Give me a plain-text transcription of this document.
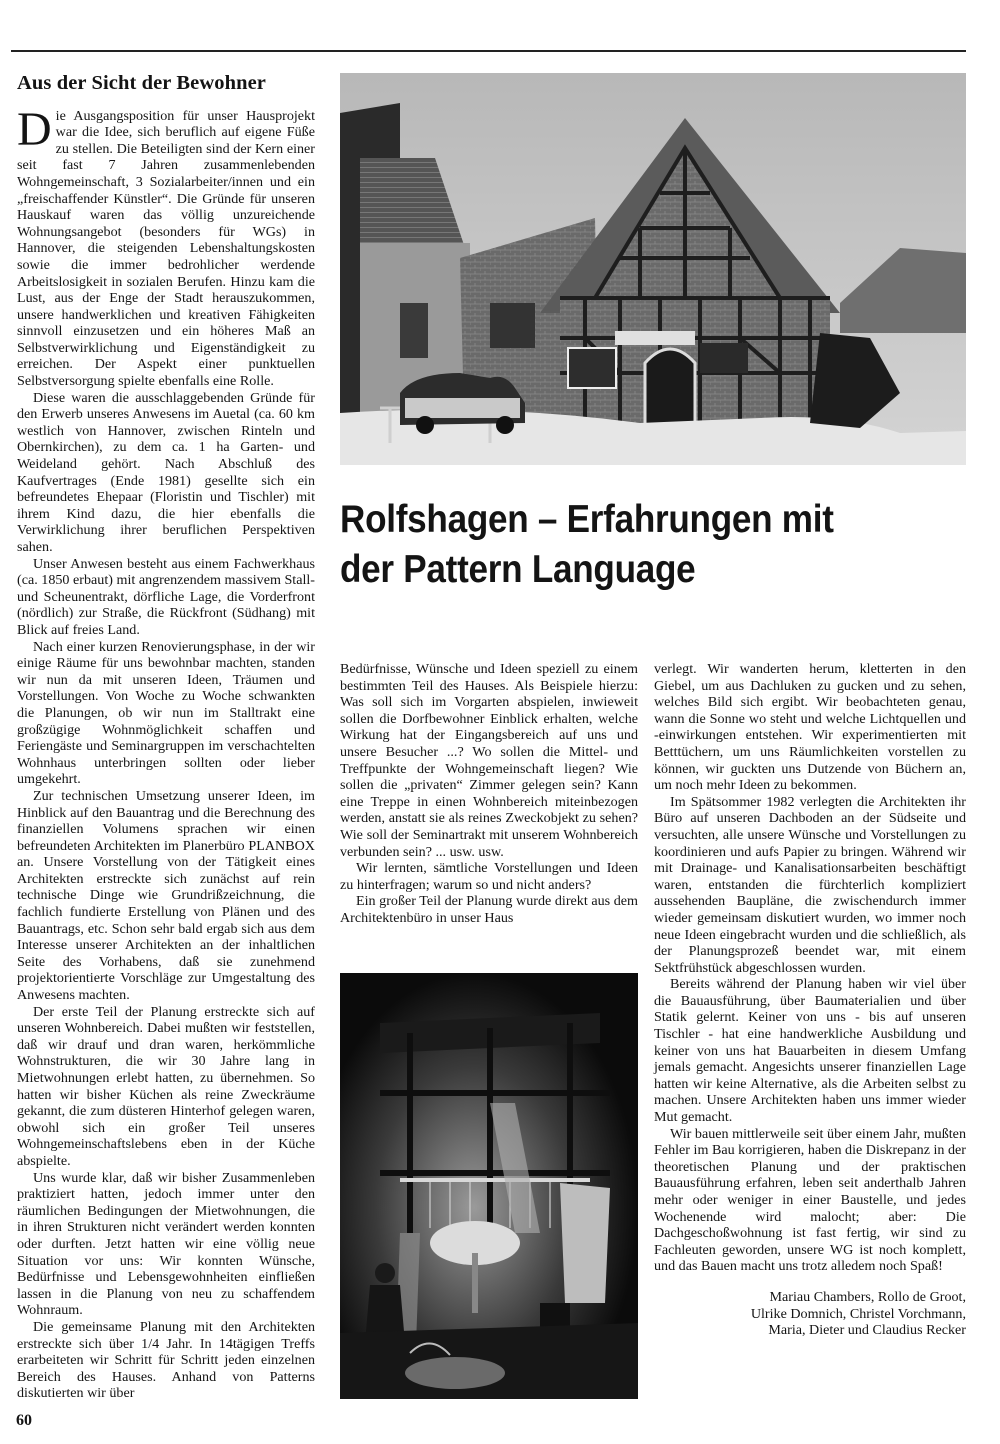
Aus der Sicht der Bewohner

Die Ausgangsposition für unser Hausprojekt war die Idee, sich beruflich auf eigene Füße zu stellen. Die Beteiligten sind der Kern einer seit fast 7 Jahren zusammenlebenden Wohngemeinschaft, 3 Sozialarbeiter/innen und ein „freischaffender Künstler“. Die Gründe für unseren Hauskauf waren das völlig unzureichende Wohnungsangebot (besonders für WGs) in Hannover, die steigenden Lebenshaltungskosten sowie die immer bedrohlicher werdende Arbeitslosigkeit in sozialen Berufen. Hinzu kam die Lust, aus der Enge der Stadt herauszukommen, unsere handwerklichen und kreativen Fähigkeiten sinnvoll einzusetzen und ein höheres Maß an Selbstverwirklichung und Eigenständigkeit zu erreichen. Der Aspekt einer punktuellen Selbstversorgung spielte ebenfalls eine Rolle.

Diese waren die ausschlaggebenden Gründe für den Erwerb unseres Anwesens im Auetal (ca. 60 km westlich von Hannover, zwischen Rinteln und Obernkirchen), zu dem ca. 1 ha Garten- und Weideland gehört. Nach Abschluß des Kaufvertrages (Ende 1981) gesellte sich ein befreundetes Ehepaar (Floristin und Tischler) mit ihrem Kind dazu, die hier ebenfalls die Verwirklichung ihrer beruflichen Perspektiven sahen.

Unser Anwesen besteht aus einem Fachwerkhaus (ca. 1850 erbaut) mit angrenzendem massivem Stall- und Scheunentrakt, dörfliche Lage, die Vorderfront (nördlich) zur Straße, die Rückfront (Südhang) mit Blick auf freies Land.

Nach einer kurzen Renovierungsphase, in der wir einige Räume für uns bewohnbar machten, standen wir nun da mit unseren Ideen, Träumen und Vorstellungen. Von Woche zu Woche schwankten die Planungen, ob wir nun im Stalltrakt eine großzügige Wohnmöglichkeit schaffen und Feriengäste und Seminargruppen im verschachtelten Wohnhaus unterbringen sollten oder lieber umgekehrt.

Zur technischen Umsetzung unserer Ideen, im Hinblick auf den Bauantrag und die Berechnung des finanziellen Volumens sprachen wir einen befreundeten Architekten im Planerbüro PLANBOX an. Unsere Vorstellung von der Tätigkeit eines Architekten erstreckte sich zunächst auf rein technische Dinge wie Grundrißzeichnung, die fachlich fundierte Erstellung von Plänen und des Bauantrags, etc. Schon sehr bald ergab sich aus dem Interesse unserer Architekten an der inhaltlichen Seite des Vorhabens, daß sie zunehmend projektorientierte Vorschläge zur Umgestaltung des Anwesens machten.

Der erste Teil der Planung erstreckte sich auf unseren Wohnbereich. Dabei mußten wir feststellen, daß wir drauf und dran waren, herkömmliche Wohnstrukturen, die wir 30 Jahre lang in Mietwohnungen erlebt hatten, zu übernehmen. So hatten wir bisher Küchen als reine Zweckräume gekannt, die zum düsteren Hinterhof gelegen waren, obwohl sich ein großer Teil unseres Wohngemeinschaftslebens eben in der Küche abspielte.

Uns wurde klar, daß wir bisher Zusammenleben praktiziert hatten, jedoch immer unter den räumlichen Bedingungen der Mietwohnungen, die in ihren Strukturen nicht verändert werden konnten oder durften. Jetzt hatten wir eine völlig neue Situation vor uns: Wir konnten Wünsche, Bedürfnisse und Lebensgewohnheiten einfließen lassen in die Planung von neu zu schaffendem Wohnraum.

Die gemeinsame Planung mit den Architekten erstreckte sich über 1/4 Jahr. In 14tägigen Treffs erarbeiteten wir Schritt für Schritt jeden einzelnen Bereich des Hauses. Anhand von Patterns diskutierten wir über

Rolfshagen – Erfahrungen mit
der Pattern Language

Bedürfnisse, Wünsche und Ideen speziell zu einem bestimmten Teil des Hauses. Als Beispiele hierzu: Was soll sich im Vorgarten abspielen, inwieweit sollen die Dorfbewohner Einblick erhalten, welche Wirkung hat der Eingangsbereich auf uns und unsere Besucher ...? Wo sollen die Mittel- und Treffpunkte der Wohngemeinschaft liegen? Wie sollen die „privaten“ Zimmer gelegen sein? Kann eine Treppe in einen Wohnbereich miteinbezogen werden, anstatt sie als reines Zweckobjekt zu sehen? Wie soll der Seminartrakt mit unserem Wohnbereich verbunden sein? ... usw. usw.

Wir lernten, sämtliche Vorstellungen und Ideen zu hinterfragen; warum so und nicht anders?

Ein großer Teil der Planung wurde direkt aus dem Architektenbüro in unser Haus

verlegt. Wir wanderten herum, kletterten in den Giebel, um aus Dachluken zu gucken und zu sehen, welches Bild sich ergibt. Wir beobachteten genau, wann die Sonne wo steht und welche Lichtquellen und -einwirkungen entstehen. Wir experimentierten mit Betttüchern, um uns Räumlichkeiten vorstellen zu können, wir guckten uns Dutzende von Büchern an, um noch mehr Ideen zu bekommen.

Im Spätsommer 1982 verlegten die Architekten ihr Büro auf unseren Dachboden an der Südseite und versuchten, alle unsere Wünsche und Vorstellungen zu koordinieren und aufs Papier zu bringen. Während wir mit Drainage- und Kanalisationsarbeiten beschäftigt waren, entstanden die fürchterlich kompliziert aussehenden Baupläne, die zwischendurch immer wieder gemeinsam diskutiert wurden, wo immer noch neue Ideen eingebracht wurden und die schließlich, als der Planungsprozeß beendet war, mit einem Sektfrühstück abgeschlossen wurden.

Bereits während der Planung haben wir viel über die Bauausführung, über Baumaterialien und über Statik gelernt. Keiner von uns - bis auf unseren Tischler - hat eine handwerkliche Ausbildung und keiner von uns hat Bauarbeiten in diesem Umfang jemals gemacht. Angesichts unserer finanziellen Lage hatten wir keine Alternative, als die Arbeiten selbst zu machen. Unsere Architekten haben uns immer wieder Mut gemacht.

Wir bauen mittlerweile seit über einem Jahr, mußten Fehler im Bau korrigieren, haben die Diskrepanz in der theoretischen Planung und der praktischen Bauausführung erfahren, leben seit anderthalb Jahren mehr oder weniger in einer Baustelle, und jedes Wochenende wird malocht; aber: Die Dachgeschoßwohnung ist fast fertig, wir sind zu Fachleuten geworden, unsere WG ist noch komplett, und das Bauen macht uns trotz alledem noch Spaß!

Mariau Chambers, Rollo de Groot,
Ulrike Domnich, Christel Vorchmann,
Maria, Dieter und Claudius Recker
60
